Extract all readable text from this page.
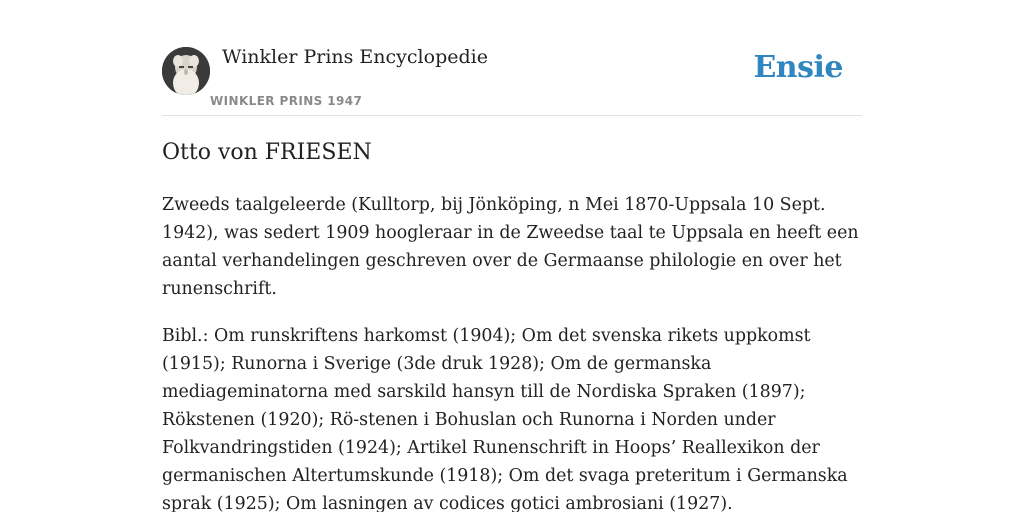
Winkler Prins Encyclopedie
WINKLER PRINS 1947
Ensie
Otto von FRIESEN

Zweeds taalgeleerde (Kulltorp, bij Jönköping, n Mei 1870-Uppsala 10 Sept. 1942), was sedert 1909 hoogleraar in de Zweedse taal te Uppsala en heeft een aantal verhandelingen geschreven over de Germaanse philologie en over het runenschrift.

Bibl.: Om runskriftens harkomst (1904); Om det svenska rikets uppkomst (1915); Runorna i Sverige (3de druk 1928); Om de germanska mediageminatorna med sarskild hansyn till de Nordiska Spraken (1897); Rökstenen (1920); Rö-stenen i Bohuslan och Runorna i Norden under Folkvandringstiden (1924); Artikel Runenschrift in Hoops’ Reallexikon der germanischen Altertumskunde (1918); Om det svaga preteritum i Germanska sprak (1925); Om lasningen av codices gotici ambrosiani (1927).
